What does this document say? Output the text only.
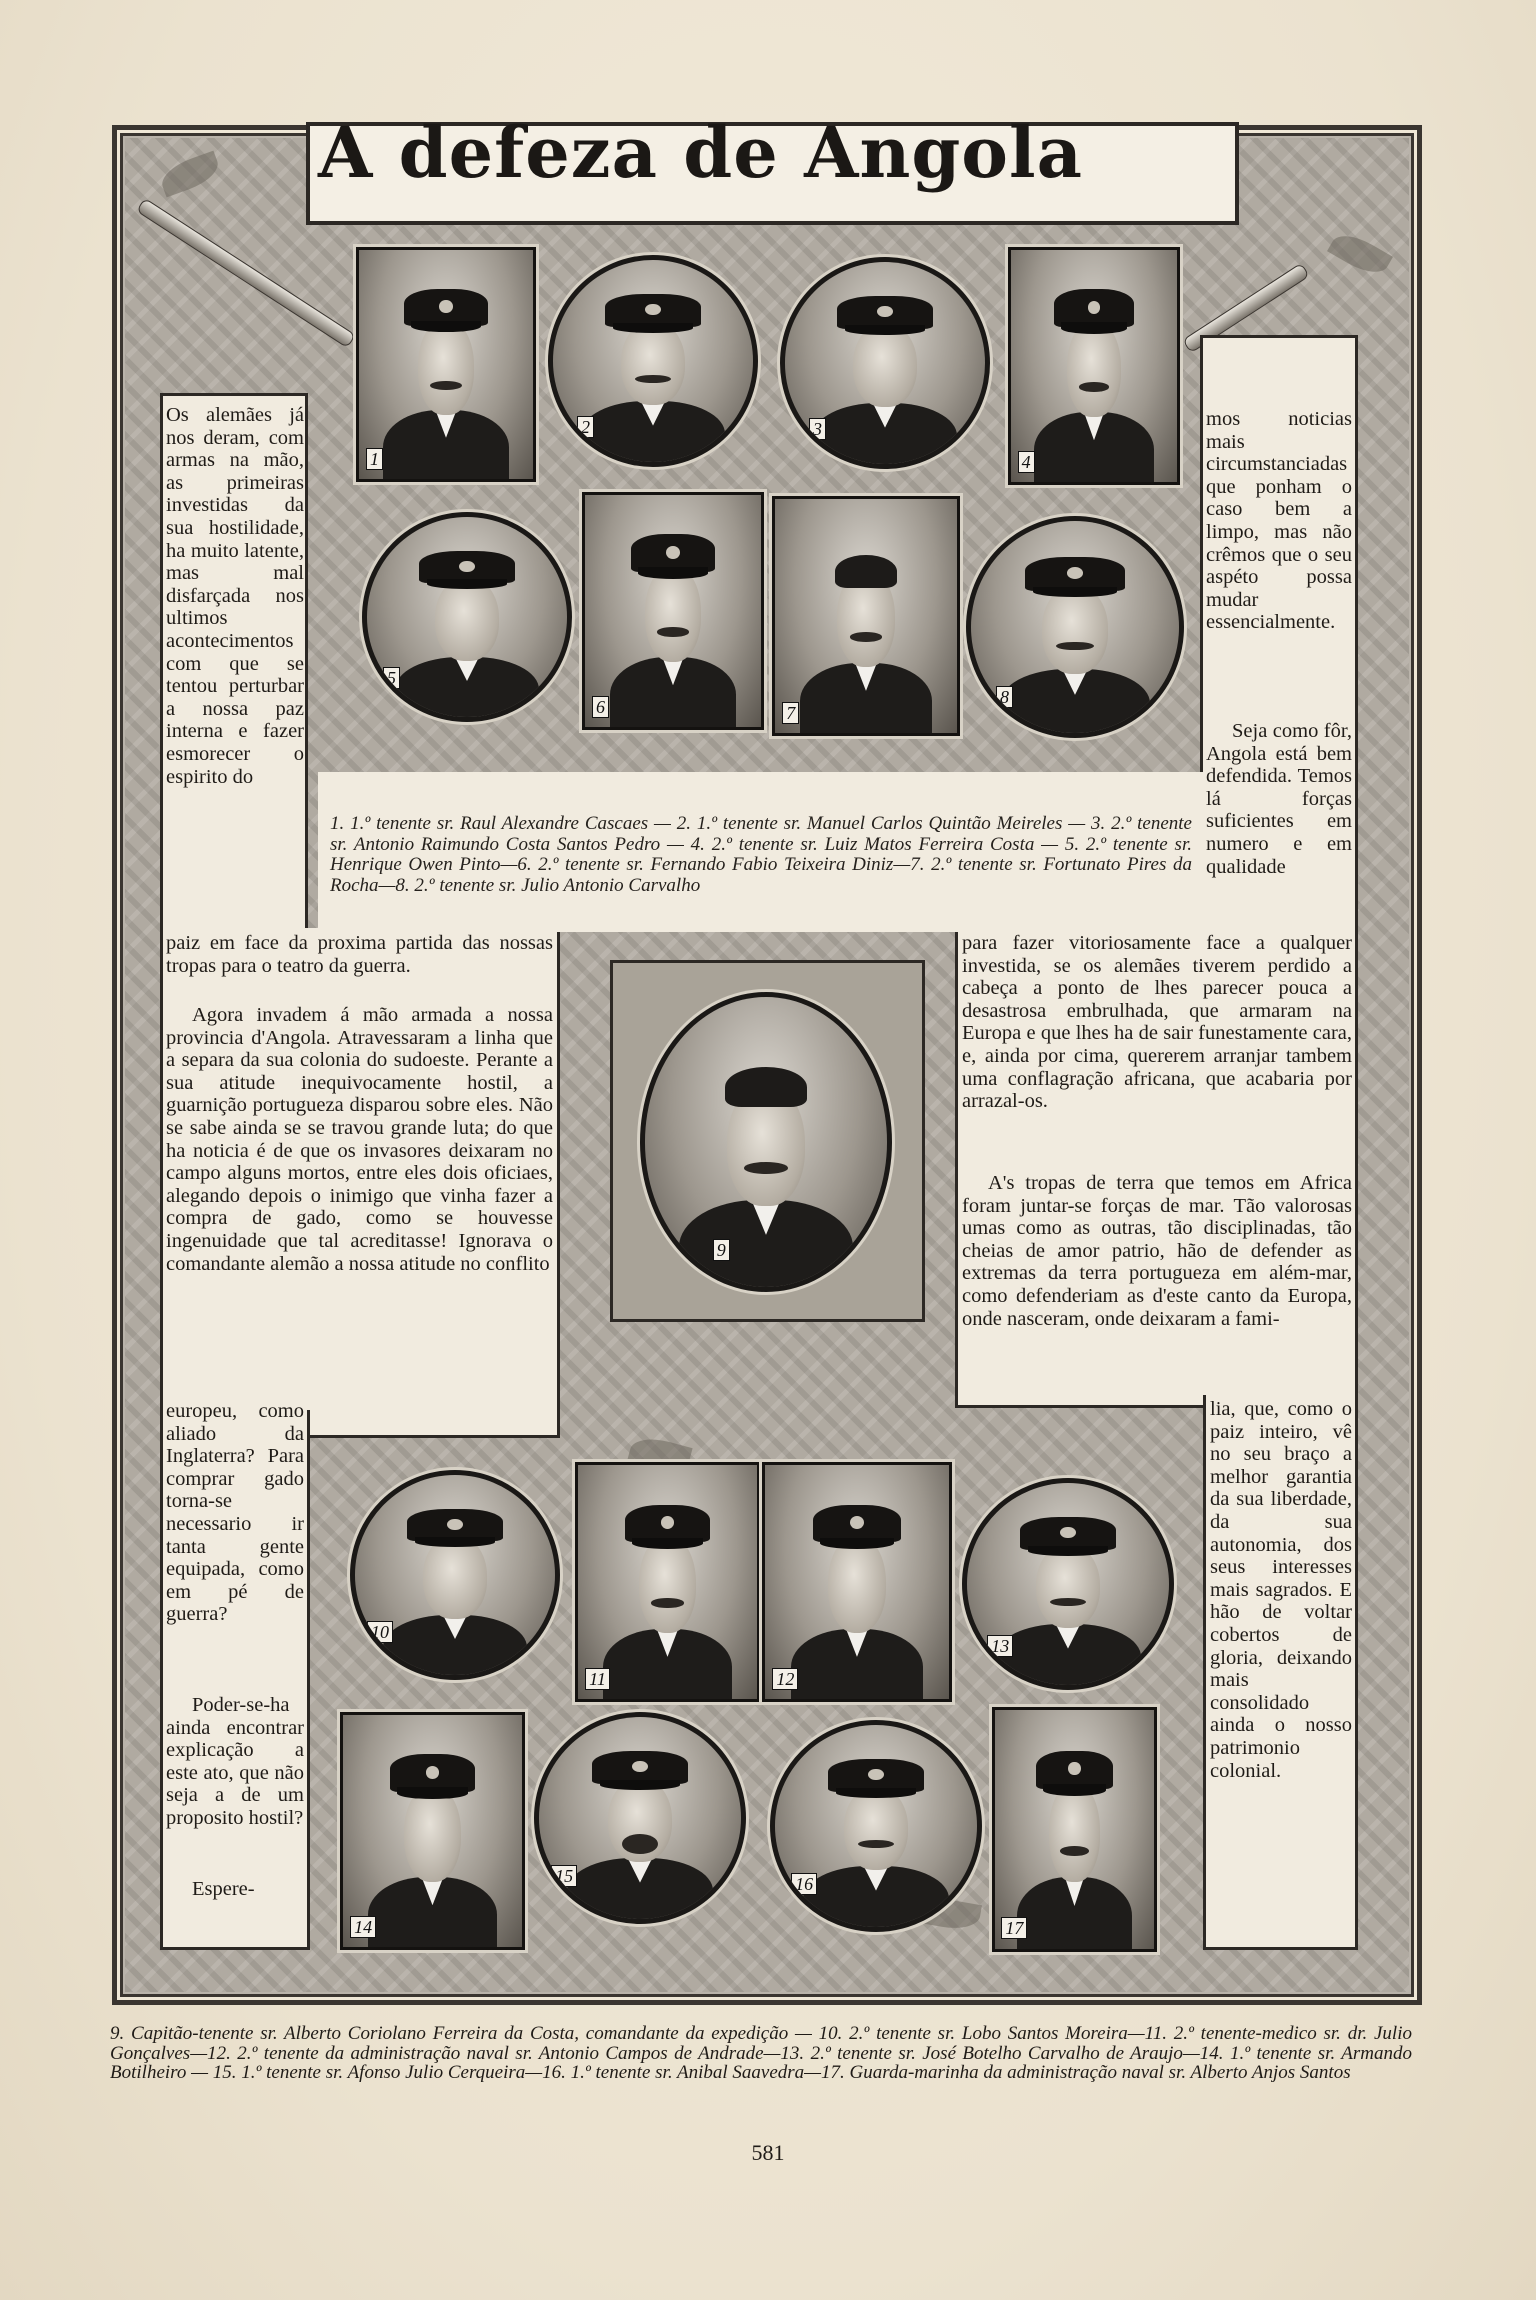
A defeza de Angola
Os alemães já nos deram, com armas na mão, as primeiras investidas da sua hostilidade, ha muito latente, mas mal disfarçada nos ultimos acontecimentos com que se tentou perturbar a nossa paz interna e fazer esmorecer o espirito do
paiz em face da proxima partida das nossas tropas para o teatro da guerra.
Agora invadem á mão armada a nossa provincia d'Angola. Atravessaram a linha que a separa da sua colonia do sudoeste. Perante a sua atitude inequivocamente hostil, a guarnição portugueza disparou sobre eles. Não se sabe ainda se se travou grande luta; do que ha noticia é de que os invasores deixaram no campo alguns mortos, entre eles dois oficiaes, alegando depois o inimigo que vinha fazer a compra de gado, como se houvesse ingenuidade que tal acreditasse! Ignorava o comandante alemão a nossa atitude no conflito
europeu, como aliado da Inglaterra? Para comprar gado torna-se necessario ir tanta gente equipada, como em pé de guerra?
Poder-se-ha ainda encontrar explicação a este ato, que não seja a de um proposito hostil?
Espere-
mos noticias mais circumstanciadas que ponham o caso bem a limpo, mas não crêmos que o seu aspéto possa mudar essencialmente.
Seja como fôr, Angola está bem defendida. Temos lá forças suficientes em numero e em qualidade
para fazer vitoriosamente face a qualquer investida, se os alemães tiverem perdido a cabeça a ponto de lhes parecer pouca a desastrosa embrulhada, que armaram na Europa e que lhes ha de sair funestamente cara, e, ainda por cima, quererem arranjar tambem uma conflagração africana, que acabaria por arrazal-os.
A's tropas de terra que temos em Africa foram juntar-se forças de mar. Tão valorosas umas como as outras, tão disciplinadas, tão cheias de amor patrio, hão de defender as extremas da terra portugueza em além-mar, como defenderiam as d'este canto da Europa, onde nasceram, onde deixaram a fami-
lia, que, como o paiz inteiro, vê no seu braço a melhor garantia da sua liberdade, da sua autonomia, dos seus interesses mais sagrados. E hão de voltar cobertos de gloria, deixando mais consolidado ainda o nosso patrimonio colonial.
1. 1.º tenente sr. Raul Alexandre Cascaes — 2. 1.º tenente sr. Manuel Carlos Quintão Meireles — 3. 2.º tenente sr. Antonio Raimundo Costa Santos Pedro — 4. 2.º tenente sr. Luiz Matos Ferreira Costa — 5. 2.º tenente sr. Henrique Owen Pinto—6. 2.º tenente sr. Fernando Fabio Teixeira Diniz—7. 2.º tenente sr. Fortunato Pires da Rocha—8. 2.º tenente sr. Julio Antonio Carvalho
1
2	3
4
5
6	7
8
9
10
11	12
13
14
15	16
17
9. Capitão-tenente sr. Alberto Coriolano Ferreira da Costa, comandante da expedição — 10. 2.º tenente sr. Lobo Santos Moreira—11. 2.º tenente-medico sr. dr. Julio Gonçalves—12. 2.º tenente da administração naval sr. Antonio Campos de Andrade—13. 2.º tenente sr. José Botelho Carvalho de Araujo—14. 1.º tenente sr. Armando Botilheiro — 15. 1.º tenente sr. Afonso Julio Cerqueira—16. 1.º tenente sr. Anibal Saavedra—17. Guarda-marinha da administração naval sr. Alberto Anjos Santos
581
